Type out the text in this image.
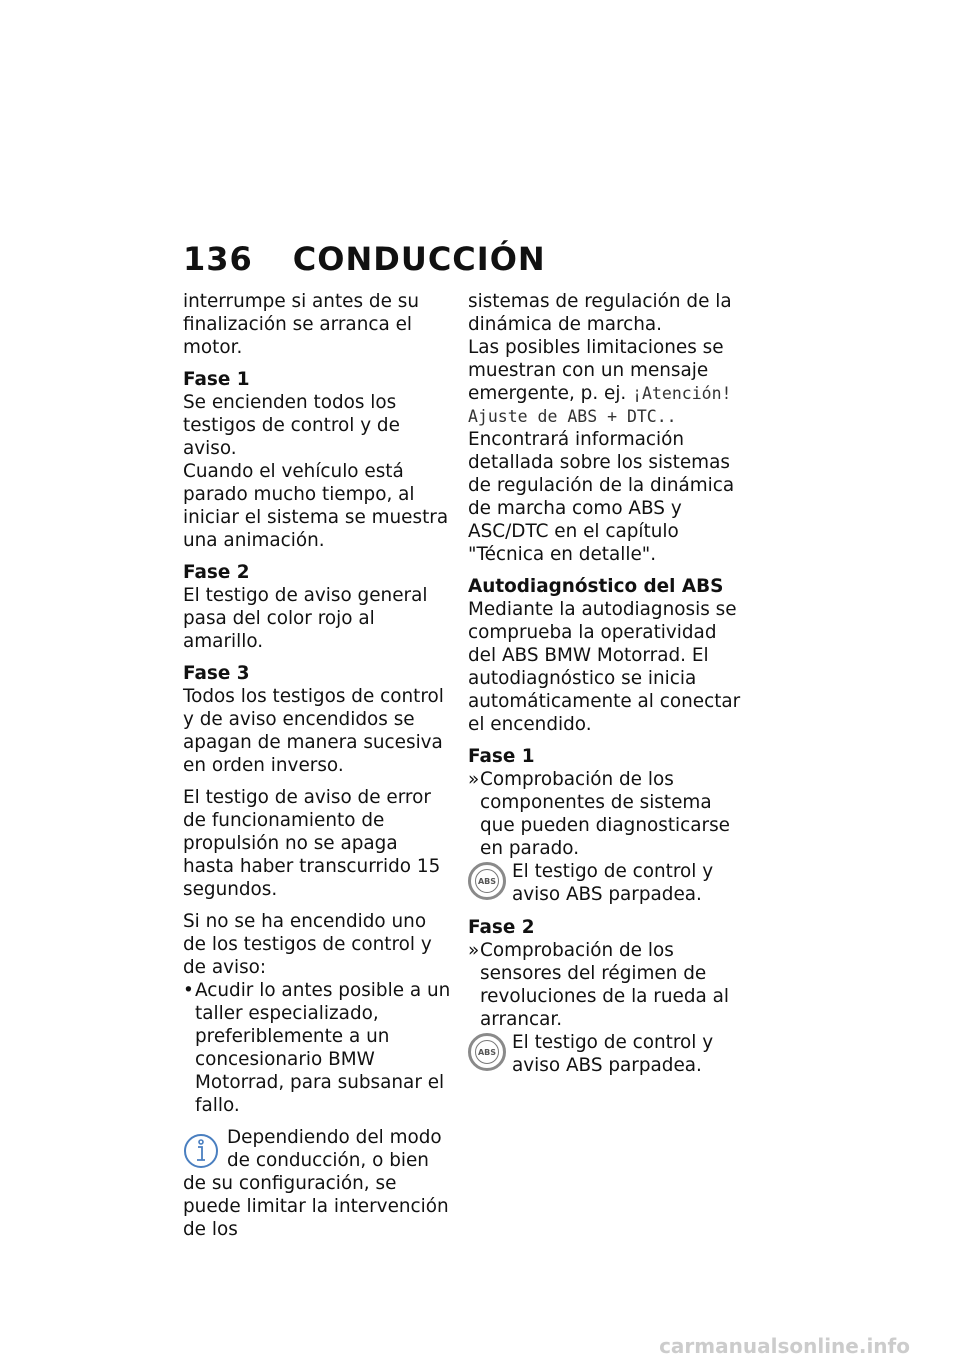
136 CONDUCCIÓN

interrumpe si antes de su finalización se arranca el motor.

Fase 1

Se encienden todos los testigos de control y de aviso.

Cuando el vehículo está parado mucho tiempo, al iniciar el sistema se muestra una animación.

Fase 2

El testigo de aviso general pasa del color rojo al amarillo.

Fase 3

Todos los testigos de control y de aviso encendidos se apagan de manera sucesiva en orden inverso.

El testigo de aviso de error de funcionamiento de propulsión no se apaga hasta haber transcurrido 15 segundos.

Si no se ha encendido uno de los testigos de control y de aviso:

• Acudir lo antes posible a un taller especializado, preferiblemente a un concesionario BMW Motorrad, para subsanar el fallo.
Dependiendo del modo de conducción, o bien de su configuración, se puede limitar la intervención de los

sistemas de regulación de la dinámica de marcha.

Las posibles limitaciones se muestran con un mensaje emergente, p. ej. ¡Atención! Ajuste de ABS + DTC..

Encontrará información detallada sobre los sistemas de regulación de la dinámica de marcha como ABS y ASC/DTC en el capítulo "Técnica en detalle".

Autodiagnóstico del ABS

Mediante la autodiagnosis se comprueba la operatividad del ABS BMW Motorrad. El autodiagnóstico se inicia automáticamente al conectar el encendido.

Fase 1
» Comprobación de los componentes de sistema que pueden diagnosticarse en parado.
ABS El testigo de control y aviso ABS parpadea.
Fase 2
» Comprobación de los sensores del régimen de revoluciones de la rueda al arrancar.
ABS El testigo de control y aviso ABS parpadea.
carmanualsonline.info
